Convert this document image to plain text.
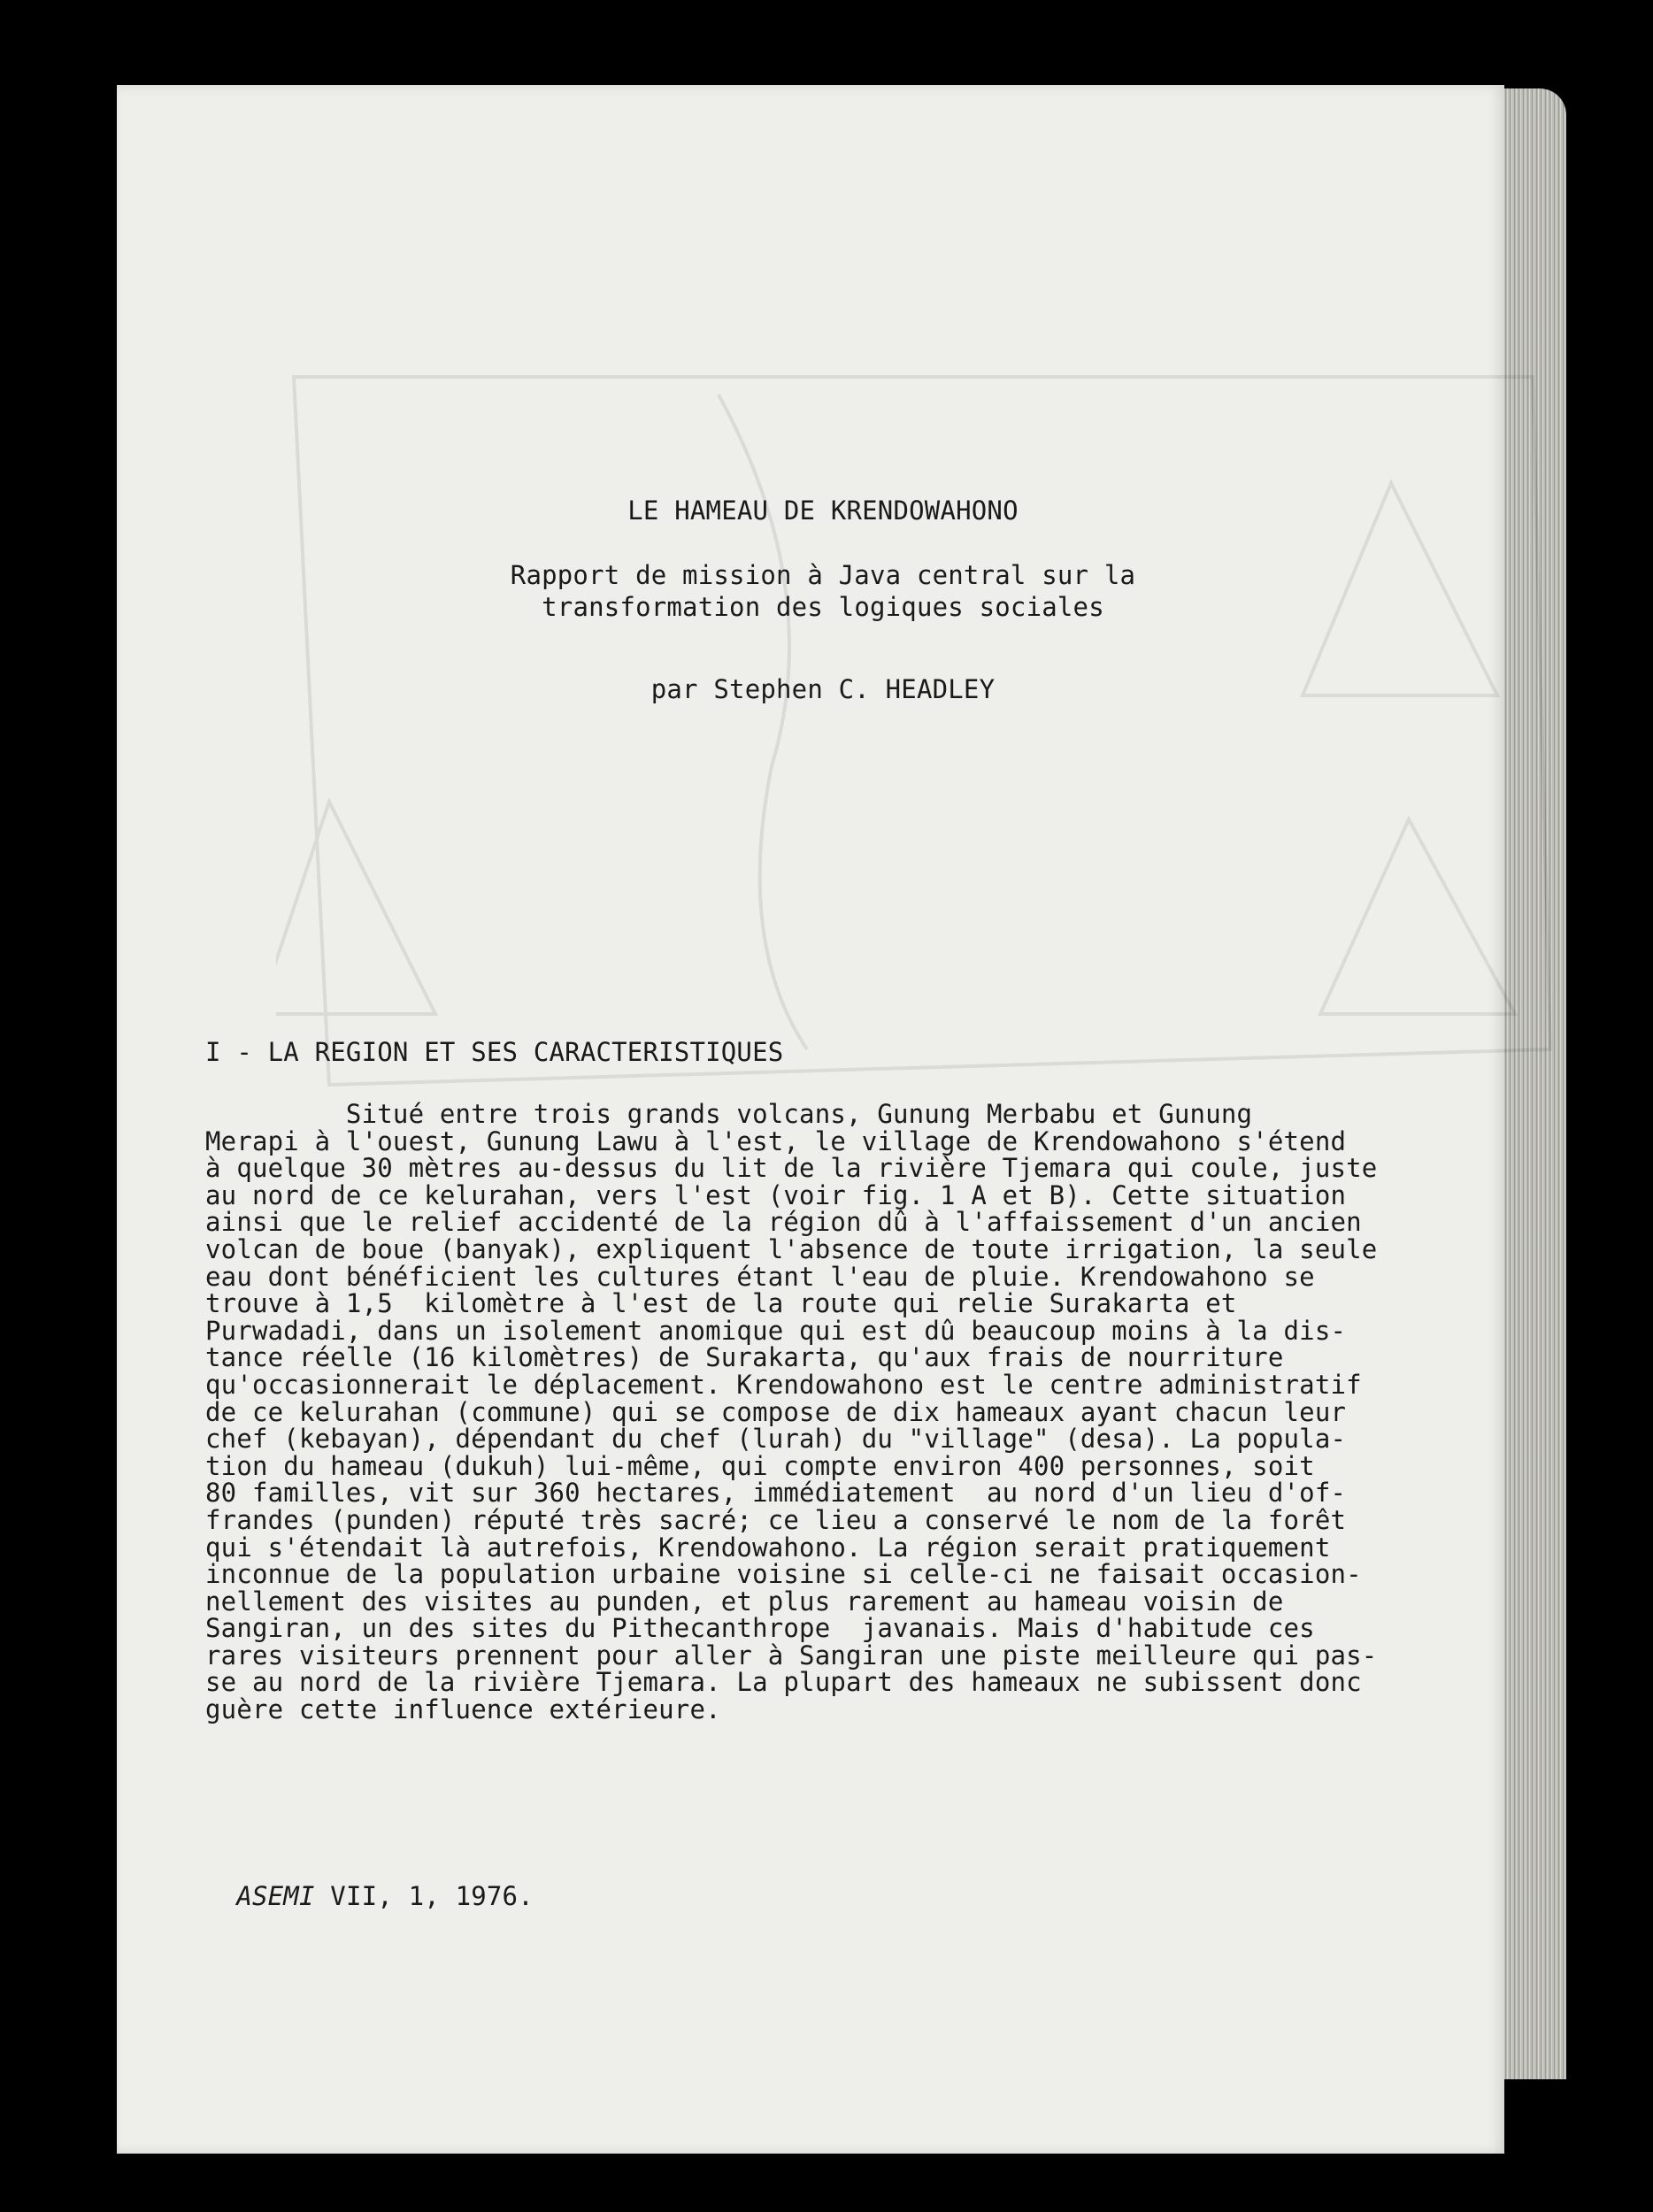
LE HAMEAU DE KRENDOWAHONO
Rapport de mission à Java central sur la
transformation des logiques sociales
par Stephen C. HEADLEY
I - LA REGION ET SES CARACTERISTIQUES
Situé entre trois grands volcans, Gunung Merbabu et Gunung
Merapi à l'ouest, Gunung Lawu à l'est, le village de Krendowahono s'étend
à quelque 30 mètres au-dessus du lit de la rivière Tjemara qui coule, juste
au nord de ce kelurahan, vers l'est (voir fig. 1 A et B). Cette situation
ainsi que le relief accidenté de la région dû à l'affaissement d'un ancien
volcan de boue (banyak), expliquent l'absence de toute irrigation, la seule
eau dont bénéficient les cultures étant l'eau de pluie. Krendowahono se
trouve à 1,5  kilomètre à l'est de la route qui relie Surakarta et
Purwadadi, dans un isolement anomique qui est dû beaucoup moins à la dis-
tance réelle (16 kilomètres) de Surakarta, qu'aux frais de nourriture
qu'occasionnerait le déplacement. Krendowahono est le centre administratif
de ce kelurahan (commune) qui se compose de dix hameaux ayant chacun leur
chef (kebayan), dépendant du chef (lurah) du "village" (desa). La popula-
tion du hameau (dukuh) lui-même, qui compte environ 400 personnes, soit
80 familles, vit sur 360 hectares, immédiatement  au nord d'un lieu d'of-
frandes (punden) réputé très sacré; ce lieu a conservé le nom de la forêt
qui s'étendait là autrefois, Krendowahono. La région serait pratiquement
inconnue de la population urbaine voisine si celle-ci ne faisait occasion-
nellement des visites au punden, et plus rarement au hameau voisin de
Sangiran, un des sites du Pithecanthrope  javanais. Mais d'habitude ces
rares visiteurs prennent pour aller à Sangiran une piste meilleure qui pas-
se au nord de la rivière Tjemara. La plupart des hameaux ne subissent donc
guère cette influence extérieure.

ASEMI VII, 1, 1976.
